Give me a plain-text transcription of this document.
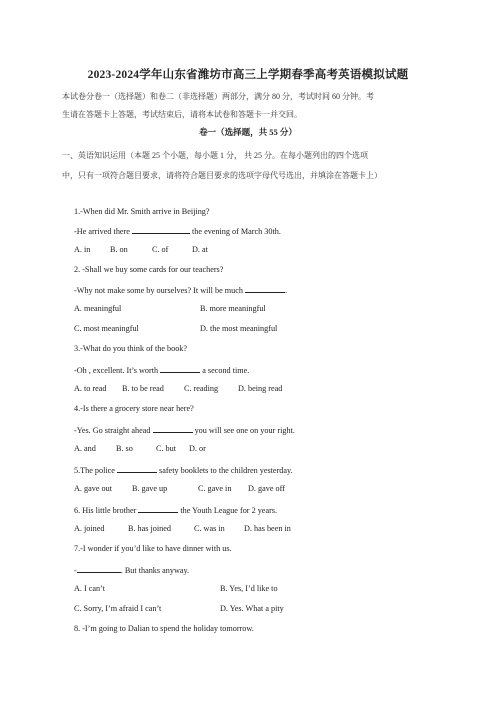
2023-2024学年山东省潍坊市高三上学期春季高考英语模拟试题
本试卷分卷一（选择题）和卷二（非选择题）两部分，满分 80 分，考试时间 60 分钟。考
生请在答题卡上答题，考试结束后，请将本试卷和答题卡一并交回。
卷一（选择题，共 55 分）
一、英语知识运用（本题 25 个小题，每小题 1 分， 共 25 分。在每小题列出的四个选项
中，只有一项符合题目要求，请将符合题目要求的选项字母代号选出，并填涂在答题卡上）
1.-When did Mr. Smith arrive in Beijing?
-He arrived there	the evening of March 30th.
A. in B. on	C. of	D. at
2. -Shall we buy some cards for our teachers?
-Why not make some by ourselves? It will be much	.
A. meaningful	B. more meaningful
C. most meaningful	D. the most meaningful
3.-What do you think of the book?
-Oh , excellent. It’s worth	a second time.
A. to read B. to be read C. reading D. being read
4.-Is there a grocery store near here?
-Yes. Go straight ahead	you will see one on your right.
A. and B. so	C. but D. or
5.The police	safety booklets to the children yesterday.
A. gave out B. gave up	C. gave in D. gave off
6. His little brother	the Youth League for 2 years.
A. joined	B. has joined	C. was in D. has been in
7.-I wonder if you’d like to have dinner with us.
-	. But thanks anyway.
A. I can’t	B. Yes, I’d like to
C. Sorry, I’m afraid I can’t	D. Yes. What a pity
8. -I’m going to Dalian to spend the holiday tomorrow.
